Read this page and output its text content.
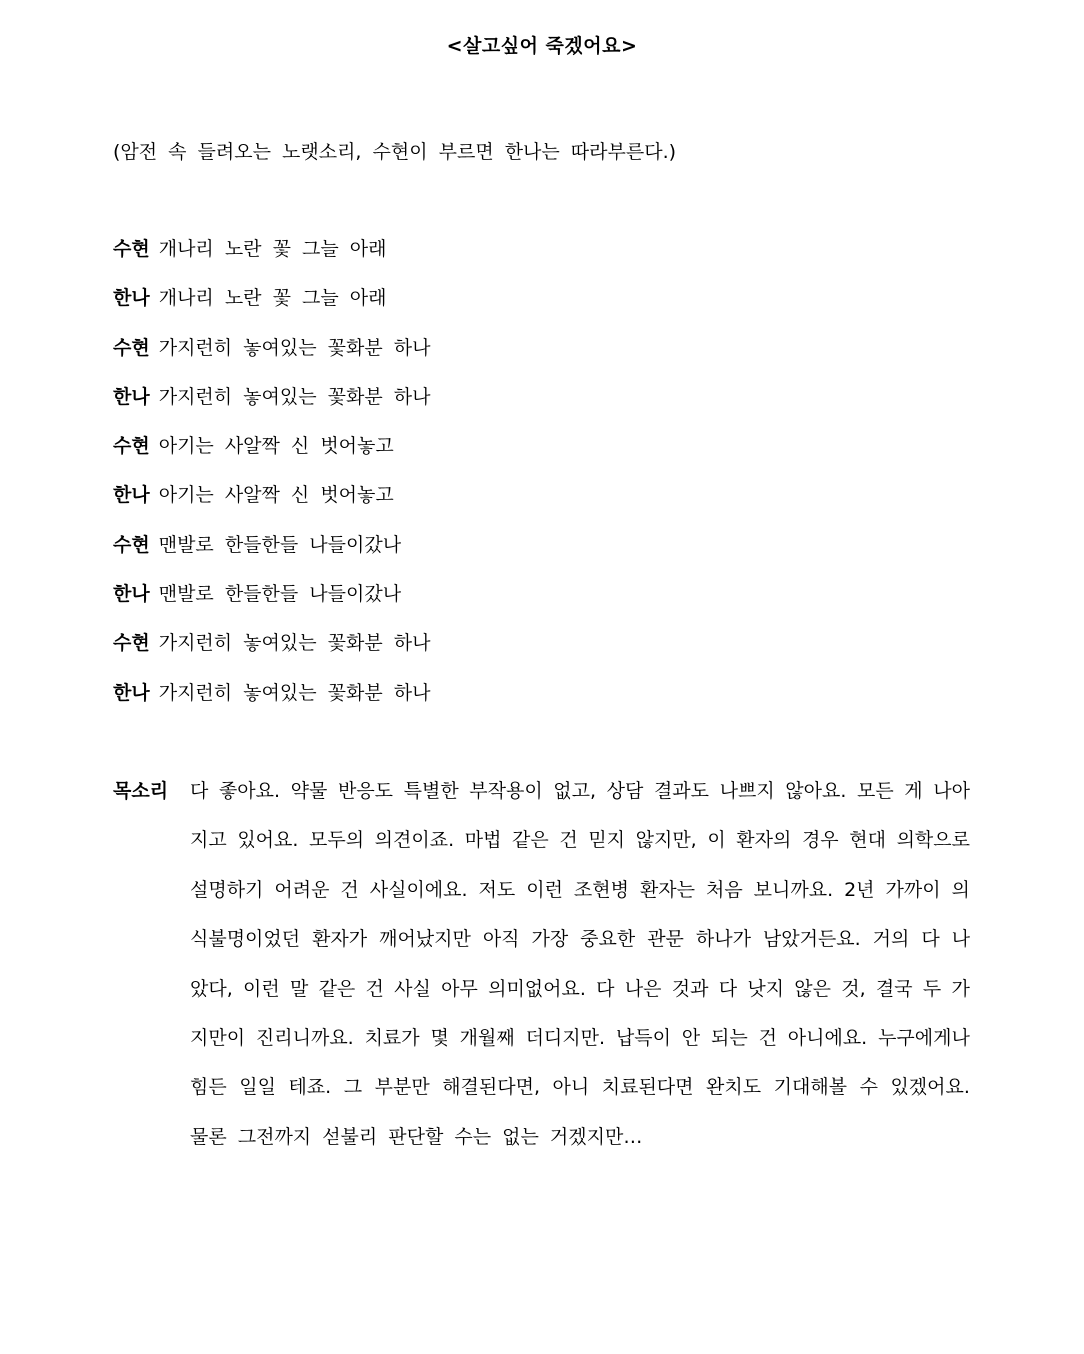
<살고싶어 죽겠어요>
(암전 속 들려오는 노랫소리, 수현이 부르면 한나는 따라부른다.)
수현 개나리 노란 꽃 그늘 아래
한나 개나리 노란 꽃 그늘 아래
수현 가지런히 놓여있는 꽃화분 하나
한나 가지런히 놓여있는 꽃화분 하나
수현 아기는 사알짝 신 벗어놓고
한나 아기는 사알짝 신 벗어놓고
수현 맨발로 한들한들 나들이갔나
한나 맨발로 한들한들 나들이갔나
수현 가지런히 놓여있는 꽃화분 하나
한나 가지런히 놓여있는 꽃화분 하나
목소리 다 좋아요. 약물 반응도 특별한 부작용이 없고, 상담 결과도 나쁘지 않아요. 모든 게 나아
지고 있어요. 모두의 의견이죠. 마법 같은 건 믿지 않지만, 이 환자의 경우 현대 의학으로
설명하기 어려운 건 사실이에요. 저도 이런 조현병 환자는 처음 보니까요. 2년 가까이 의
식불명이었던 환자가 깨어났지만 아직 가장 중요한 관문 하나가 남았거든요. 거의 다 나
았다, 이런 말 같은 건 사실 아무 의미없어요. 다 나은 것과 다 낫지 않은 것, 결국 두 가
지만이 진리니까요. 치료가 몇 개월째 더디지만. 납득이 안 되는 건 아니에요. 누구에게나
힘든 일일 테죠. 그 부분만 해결된다면, 아니 치료된다면 완치도 기대해볼 수 있겠어요.
물론 그전까지 섣불리 판단할 수는 없는 거겠지만…
